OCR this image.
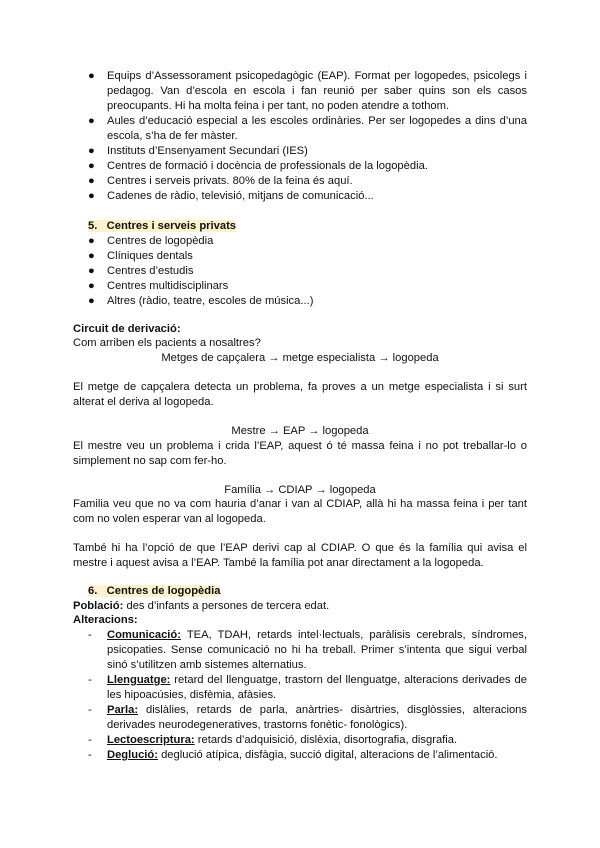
● Equips d’Assessorament psicopedagògic (EAP). Format per logopedes, psicolegs i pedagog. Van d’escola en escola i fan reunió per saber quins son els casos preocupants. Hi ha molta feina i per tant, no poden atendre a tothom.
● Aules d’educació especial a les escoles ordinàries. Per ser logopedes a dins d’una escola, s’ha de fer màster.
● Instituts d’Ensenyament Secundari (IES)
● Centres de formació i docència de professionals de la logopèdia.
● Centres i serveis privats. 80% de la feina és aquí.
● Cadenes de ràdio, televisió, mitjans de comunicació...
5. Centres i serveis privats
● Centres de logopèdia
● Clíniques dentals
● Centres d’estudis
● Centres multidisciplinars
● Altres (ràdio, teatre, escoles de música...)
Circuit de derivació:
Com arriben els pacients a nosaltres?
Metges de capçalera → metge especialista → logopeda
El metge de capçalera detecta un problema, fa proves a un metge especialista i si surt alterat el deriva al logopeda.
Mestre → EAP → logopeda
El mestre veu un problema i crida l’EAP, aquest ó té massa feina i no pot treballar-lo o simplement no sap com fer-ho.
Família → CDIAP → logopeda
Familia veu que no va com hauria d’anar i van al CDIAP, allà hi ha massa feina i per tant com no volen esperar van al logopeda.
També hi ha l’opció de que l’EAP derivi cap al CDIAP. O que és la família qui avisa el mestre i aquest avisa a l’EAP. També la família pot anar directament a la logopeda.
6. Centres de logopèdia
Població: des d’infants a persones de tercera edat.
Alteracions:
- Comunicació: TEA, TDAH, retards intel·lectuals, paràlisis cerebrals, síndromes, psicopaties. Sense comunicació no hi ha treball. Primer s’intenta que sigui verbal sinó s’utilitzen amb sistemes alternatius.
- Llenguatge: retard del llenguatge, trastorn del llenguatge, alteracions derivades de les hipoacúsies, disfèmia, afàsies.
- Parla: dislàlies, retards de parla, anàrtries- disàrtries, disglòssies, alteracions derivades neurodegeneratives, trastorns fonètic- fonològics).
- Lectoescriptura: retards d’adquisició, dislèxia, disortografia, disgrafia.
- Deglució: deglució atípica, disfàgia, succió digital, alteracions de l’alimentació.
